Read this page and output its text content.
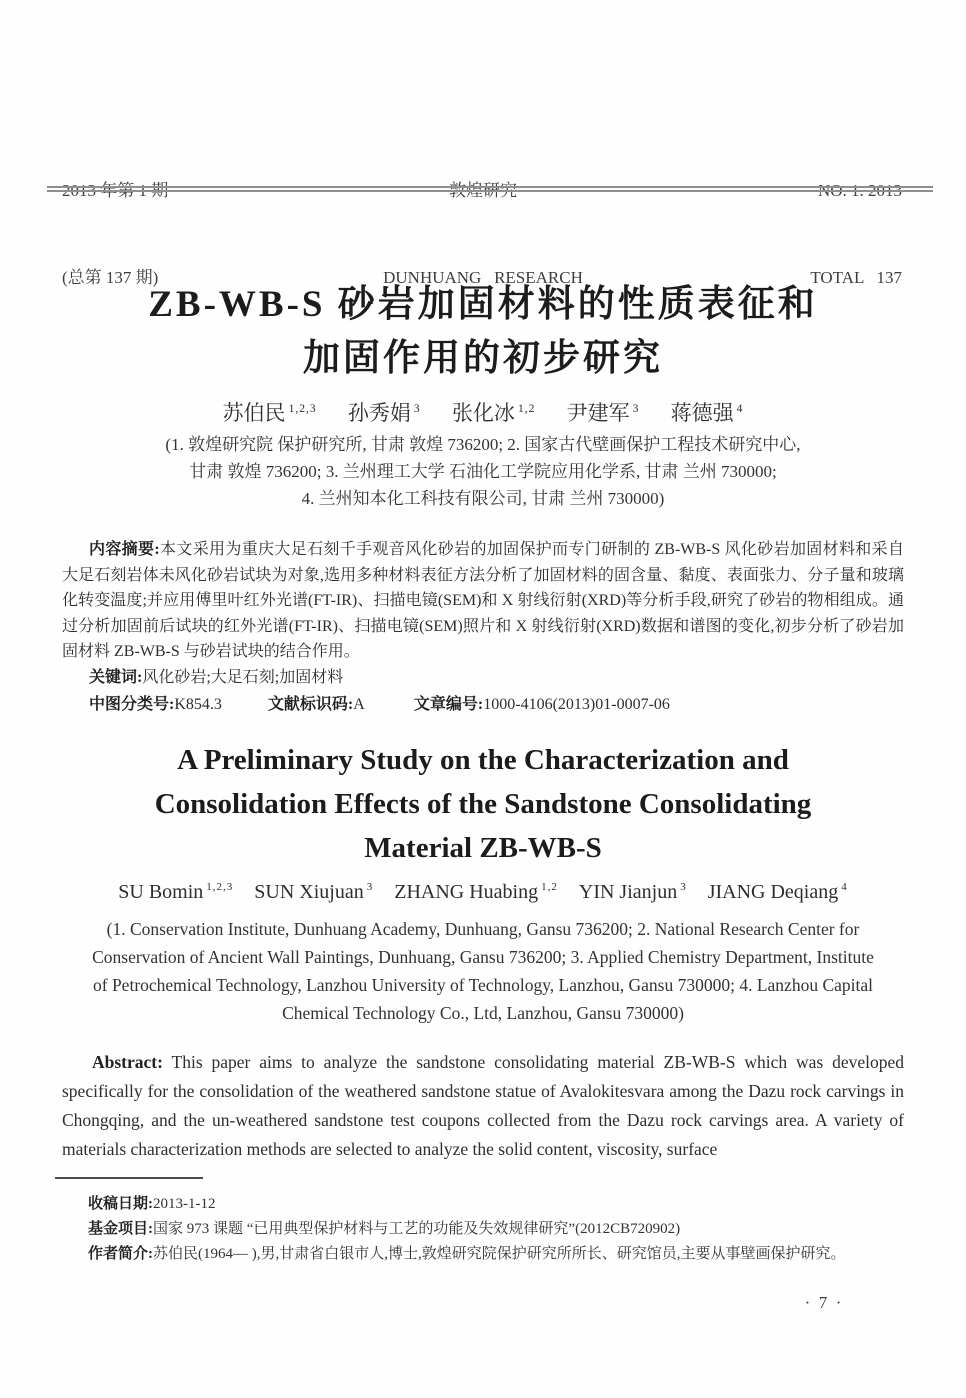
2013 年第 1 期

(总第 137 期)

敦煌研究

DUNHUANG   RESEARCH

NO. 1. 2013

TOTAL   137

ZB-WB-S 砂岩加固材料的性质表征和
加固作用的初步研究
苏伯民 $^{1,2,3}$ 孙秀娟 $^3$ 张化冰 $^{1,2}$ 尹建军 $^3$ 蒋德强 $^4$
(1. 敦煌研究院 保护研究所, 甘肃 敦煌 736200; 2. 国家古代壁画保护工程技术研究中心,
甘肃 敦煌 736200; 3. 兰州理工大学 石油化工学院应用化学系, 甘肃 兰州 730000;
4. 兰州知本化工科技有限公司, 甘肃 兰州 730000)

内容摘要:本文采用为重庆大足石刻千手观音风化砂岩的加固保护而专门研制的 ZB-WB-S 风化砂岩加固材料和采自大足石刻岩体未风化砂岩试块为对象,选用多种材料表征方法分析了加固材料的固含量、黏度、表面张力、分子量和玻璃化转变温度;并应用傅里叶红外光谱(FT-IR)、扫描电镜(SEM)和 X 射线衍射(XRD)等分析手段,研究了砂岩的物相组成。通过分析加固前后试块的红外光谱(FT-IR)、扫描电镜(SEM)照片和 X 射线衍射(XRD)数据和谱图的变化,初步分析了砂岩加固材料 ZB-WB-S 与砂岩试块的结合作用。

关键词:风化砂岩;大足石刻;加固材料
中图分类号:K854.3	文献标识码:A	文章编号:1000-4106(2013)01-0007-06
A Preliminary Study on the Characterization and
Consolidation Effects of the Sandstone Consolidating
Material ZB-WB-S
SU Bomin $^{1,2,3}$ SUN Xiujuan $^3$ ZHANG Huabing $^{1,2}$ YIN Jianjun $^3$ JIANG Deqiang $^4$
(1. Conservation Institute, Dunhuang Academy, Dunhuang, Gansu 736200; 2. National Research Center for
Conservation of Ancient Wall Paintings, Dunhuang, Gansu 736200; 3. Applied Chemistry Department, Institute
of Petrochemical Technology, Lanzhou University of Technology, Lanzhou, Gansu 730000; 4. Lanzhou Capital
Chemical Technology Co., Ltd, Lanzhou, Gansu 730000)

Abstract: This paper aims to analyze the sandstone consolidating material ZB-WB-S which was developed specifically for the consolidation of the weathered sandstone statue of Avalokitesvara among the Dazu rock carvings in Chongqing, and the un-weathered sandstone test coupons collected from the Dazu rock carvings area. A variety of materials characterization methods are selected to analyze the solid content, viscosity, surface

收稿日期:2013-1-12

基金项目:国家 973 课题 “已用典型保护材料与工艺的功能及失效规律研究”(2012CB720902)

作者简介:苏伯民(1964— ),男,甘肃省白银市人,博士,敦煌研究院保护研究所所长、研究馆员,主要从事壁画保护研究。

·  7  ·
